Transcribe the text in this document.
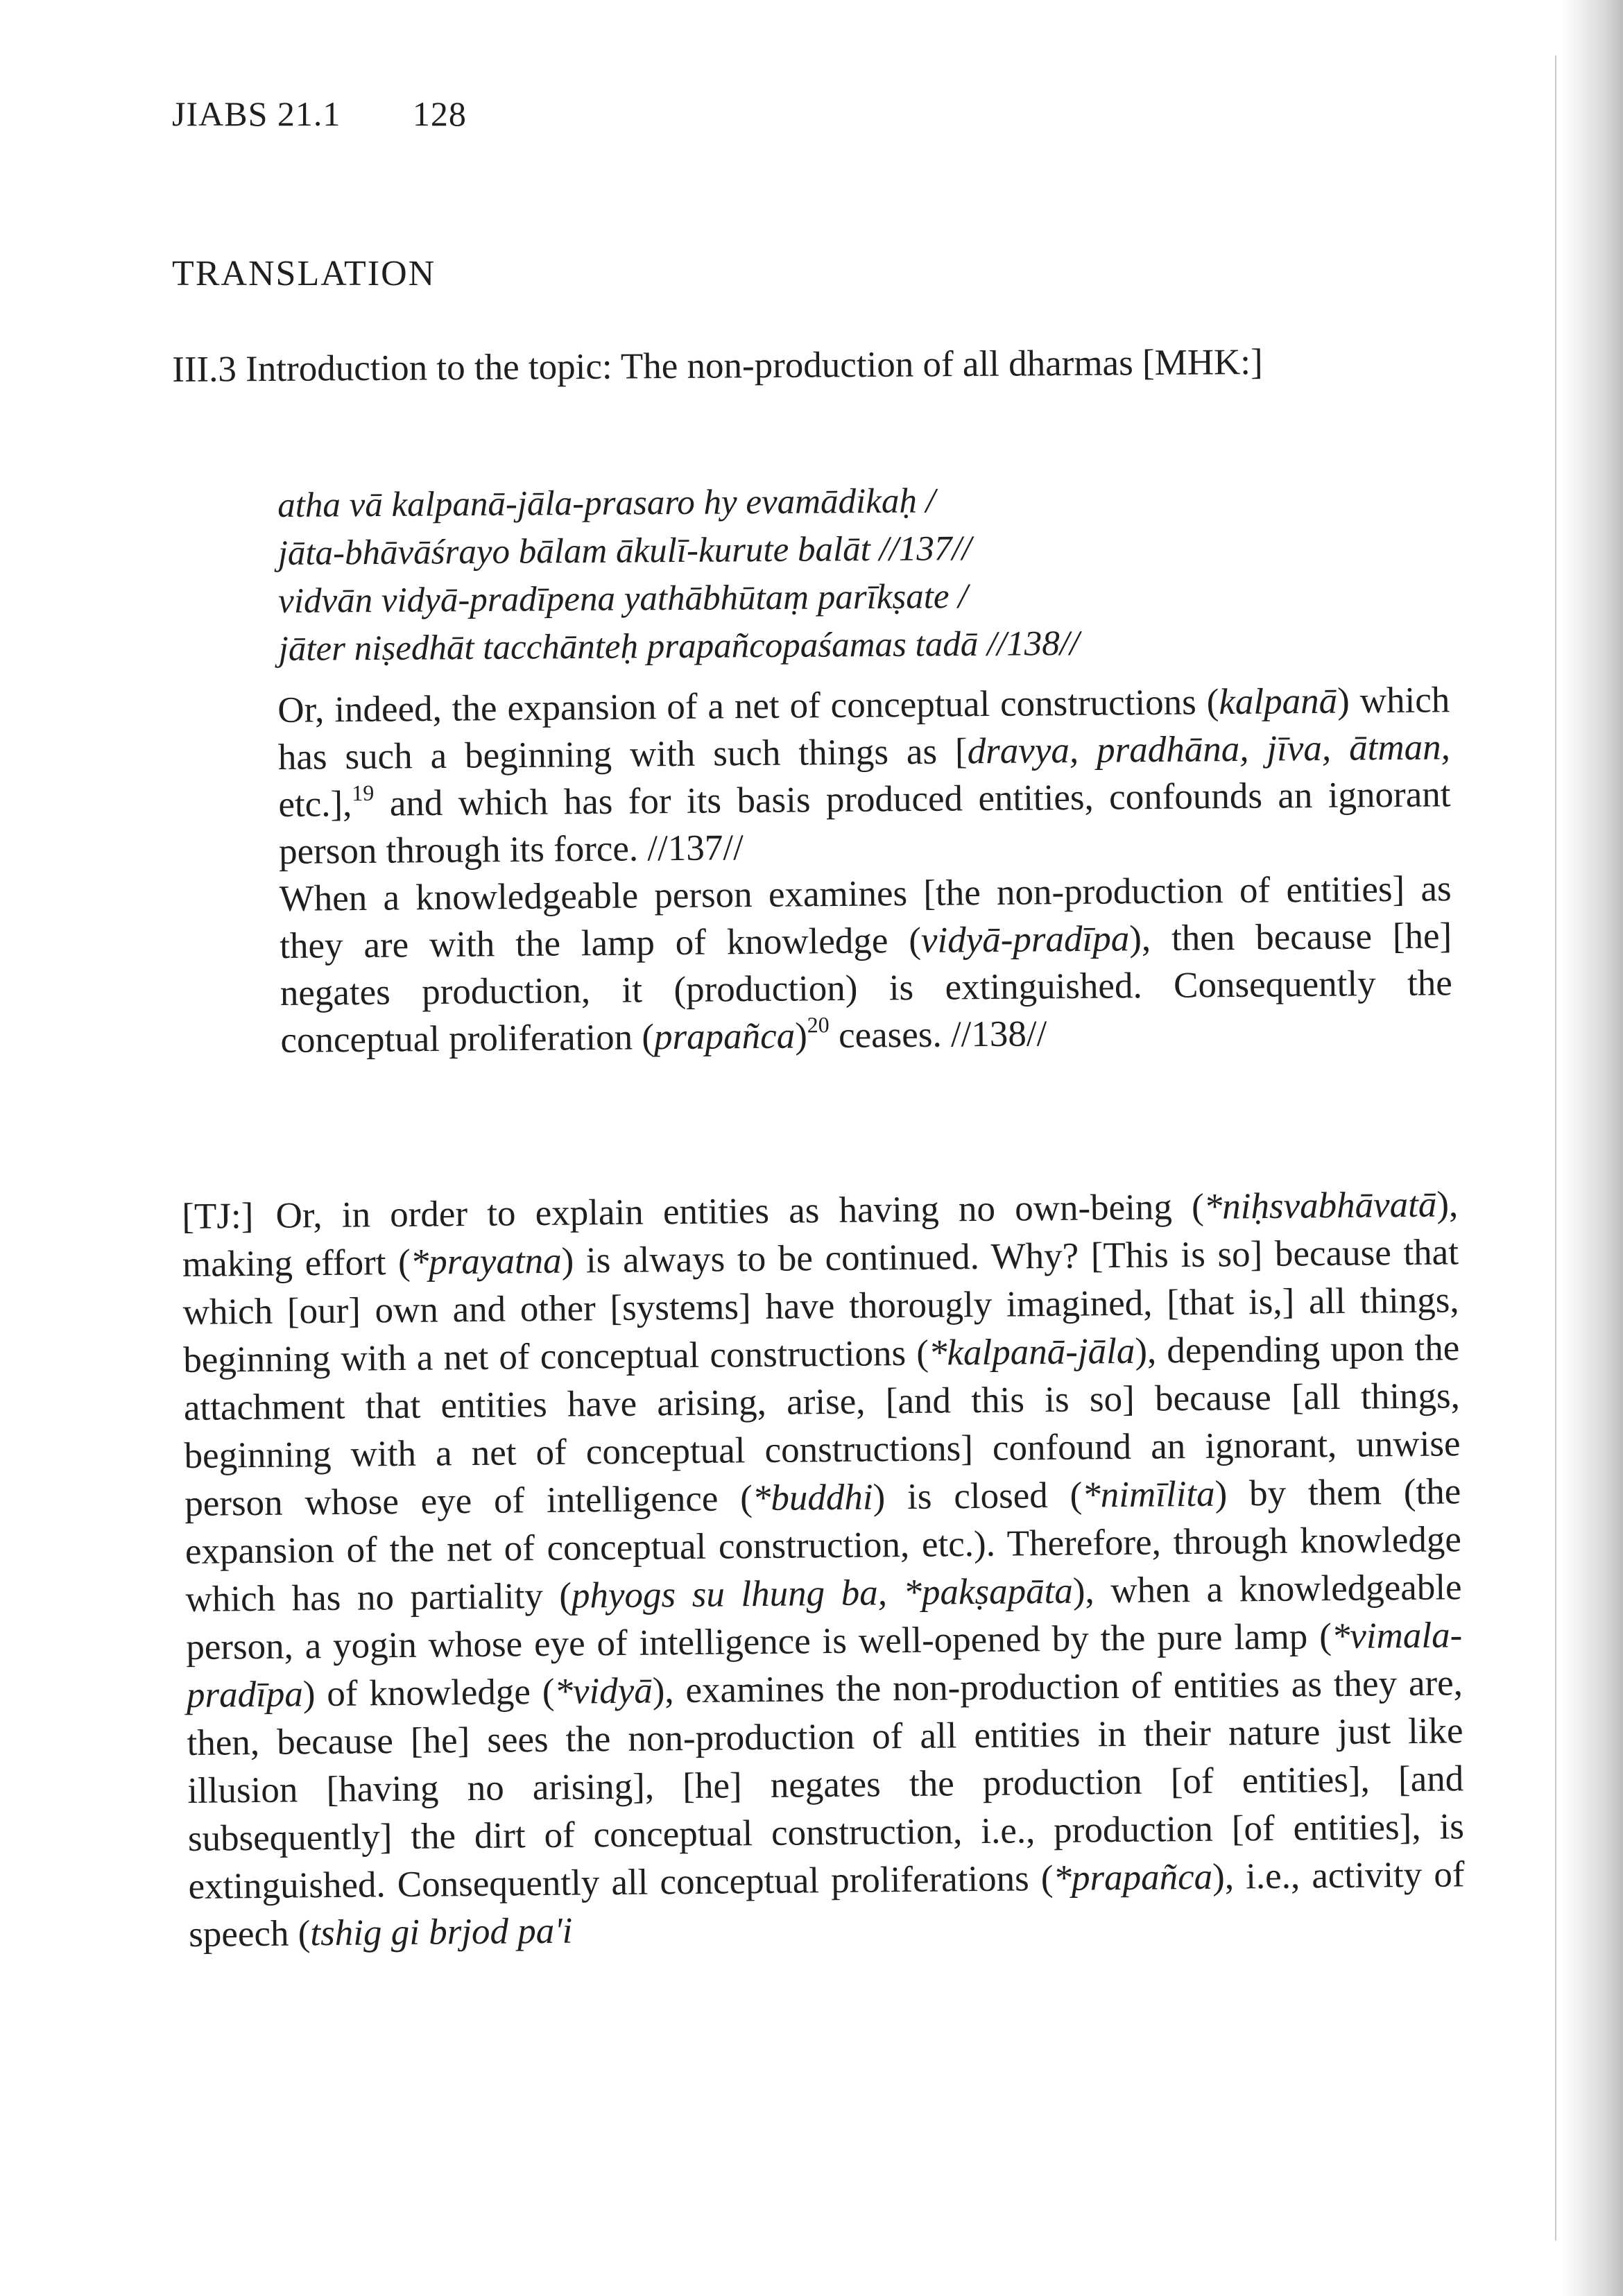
JIABS 21.1 128
TRANSLATION
III.3 Introduction to the topic: The non-production of all dharmas [MHK:]
atha vā kalpanā-jāla-prasaro hy evamādikaḥ /
jāta-bhāvāśrayo bālam ākulī-kurute balāt //137//
vidvān vidyā-pradīpena yathābhūtaṃ parīkṣate /
jāter niṣedhāt tacchānteḥ prapañcopaśamas tadā //138//

Or, indeed, the expansion of a net of conceptual constructions (kalpanā) which has such a beginning with such things as [dravya, pradhāna, jīva, ātman, etc.],$^{19}$ and which has for its basis produced entities, confounds an ignorant person through its force. //137//

When a knowledgeable person examines [the non-production of entities] as they are with the lamp of knowledge (vidyā-pradīpa), then because [he] negates production, it (production) is extinguished. Consequently the conceptual proliferation (prapañca)$^{20}$ ceases. //138//

[TJ:] Or, in order to explain entities as having no own-being (*niḥsvabhāvatā), making effort (*prayatna) is always to be continued. Why? [This is so] because that which [our] own and other [systems] have thorougly imagined, [that is,] all things, beginning with a net of conceptual constructions (*kalpanā-jāla), depending upon the attachment that entities have arising, arise, [and this is so] because [all things, beginning with a net of conceptual constructions] confound an ignorant, unwise person whose eye of intelligence (*buddhi) is closed (*nimīlita) by them (the expansion of the net of conceptual construction, etc.). Therefore, through knowledge which has no partiality (phyogs su lhung ba, *pakṣapāta), when a knowledgeable person, a yogin whose eye of intelligence is well-opened by the pure lamp (*vimala-pradīpa) of knowledge (*vidyā), examines the non-production of entities as they are, then, because [he] sees the non-production of all entities in their nature just like illusion [having no arising], [he] negates the production [of entities], [and subsequently] the dirt of conceptual construction, i.e., production [of entities], is extinguished. Consequently all conceptual proliferations (*prapañca), i.e., activity of speech (tshig gi brjod pa'i
